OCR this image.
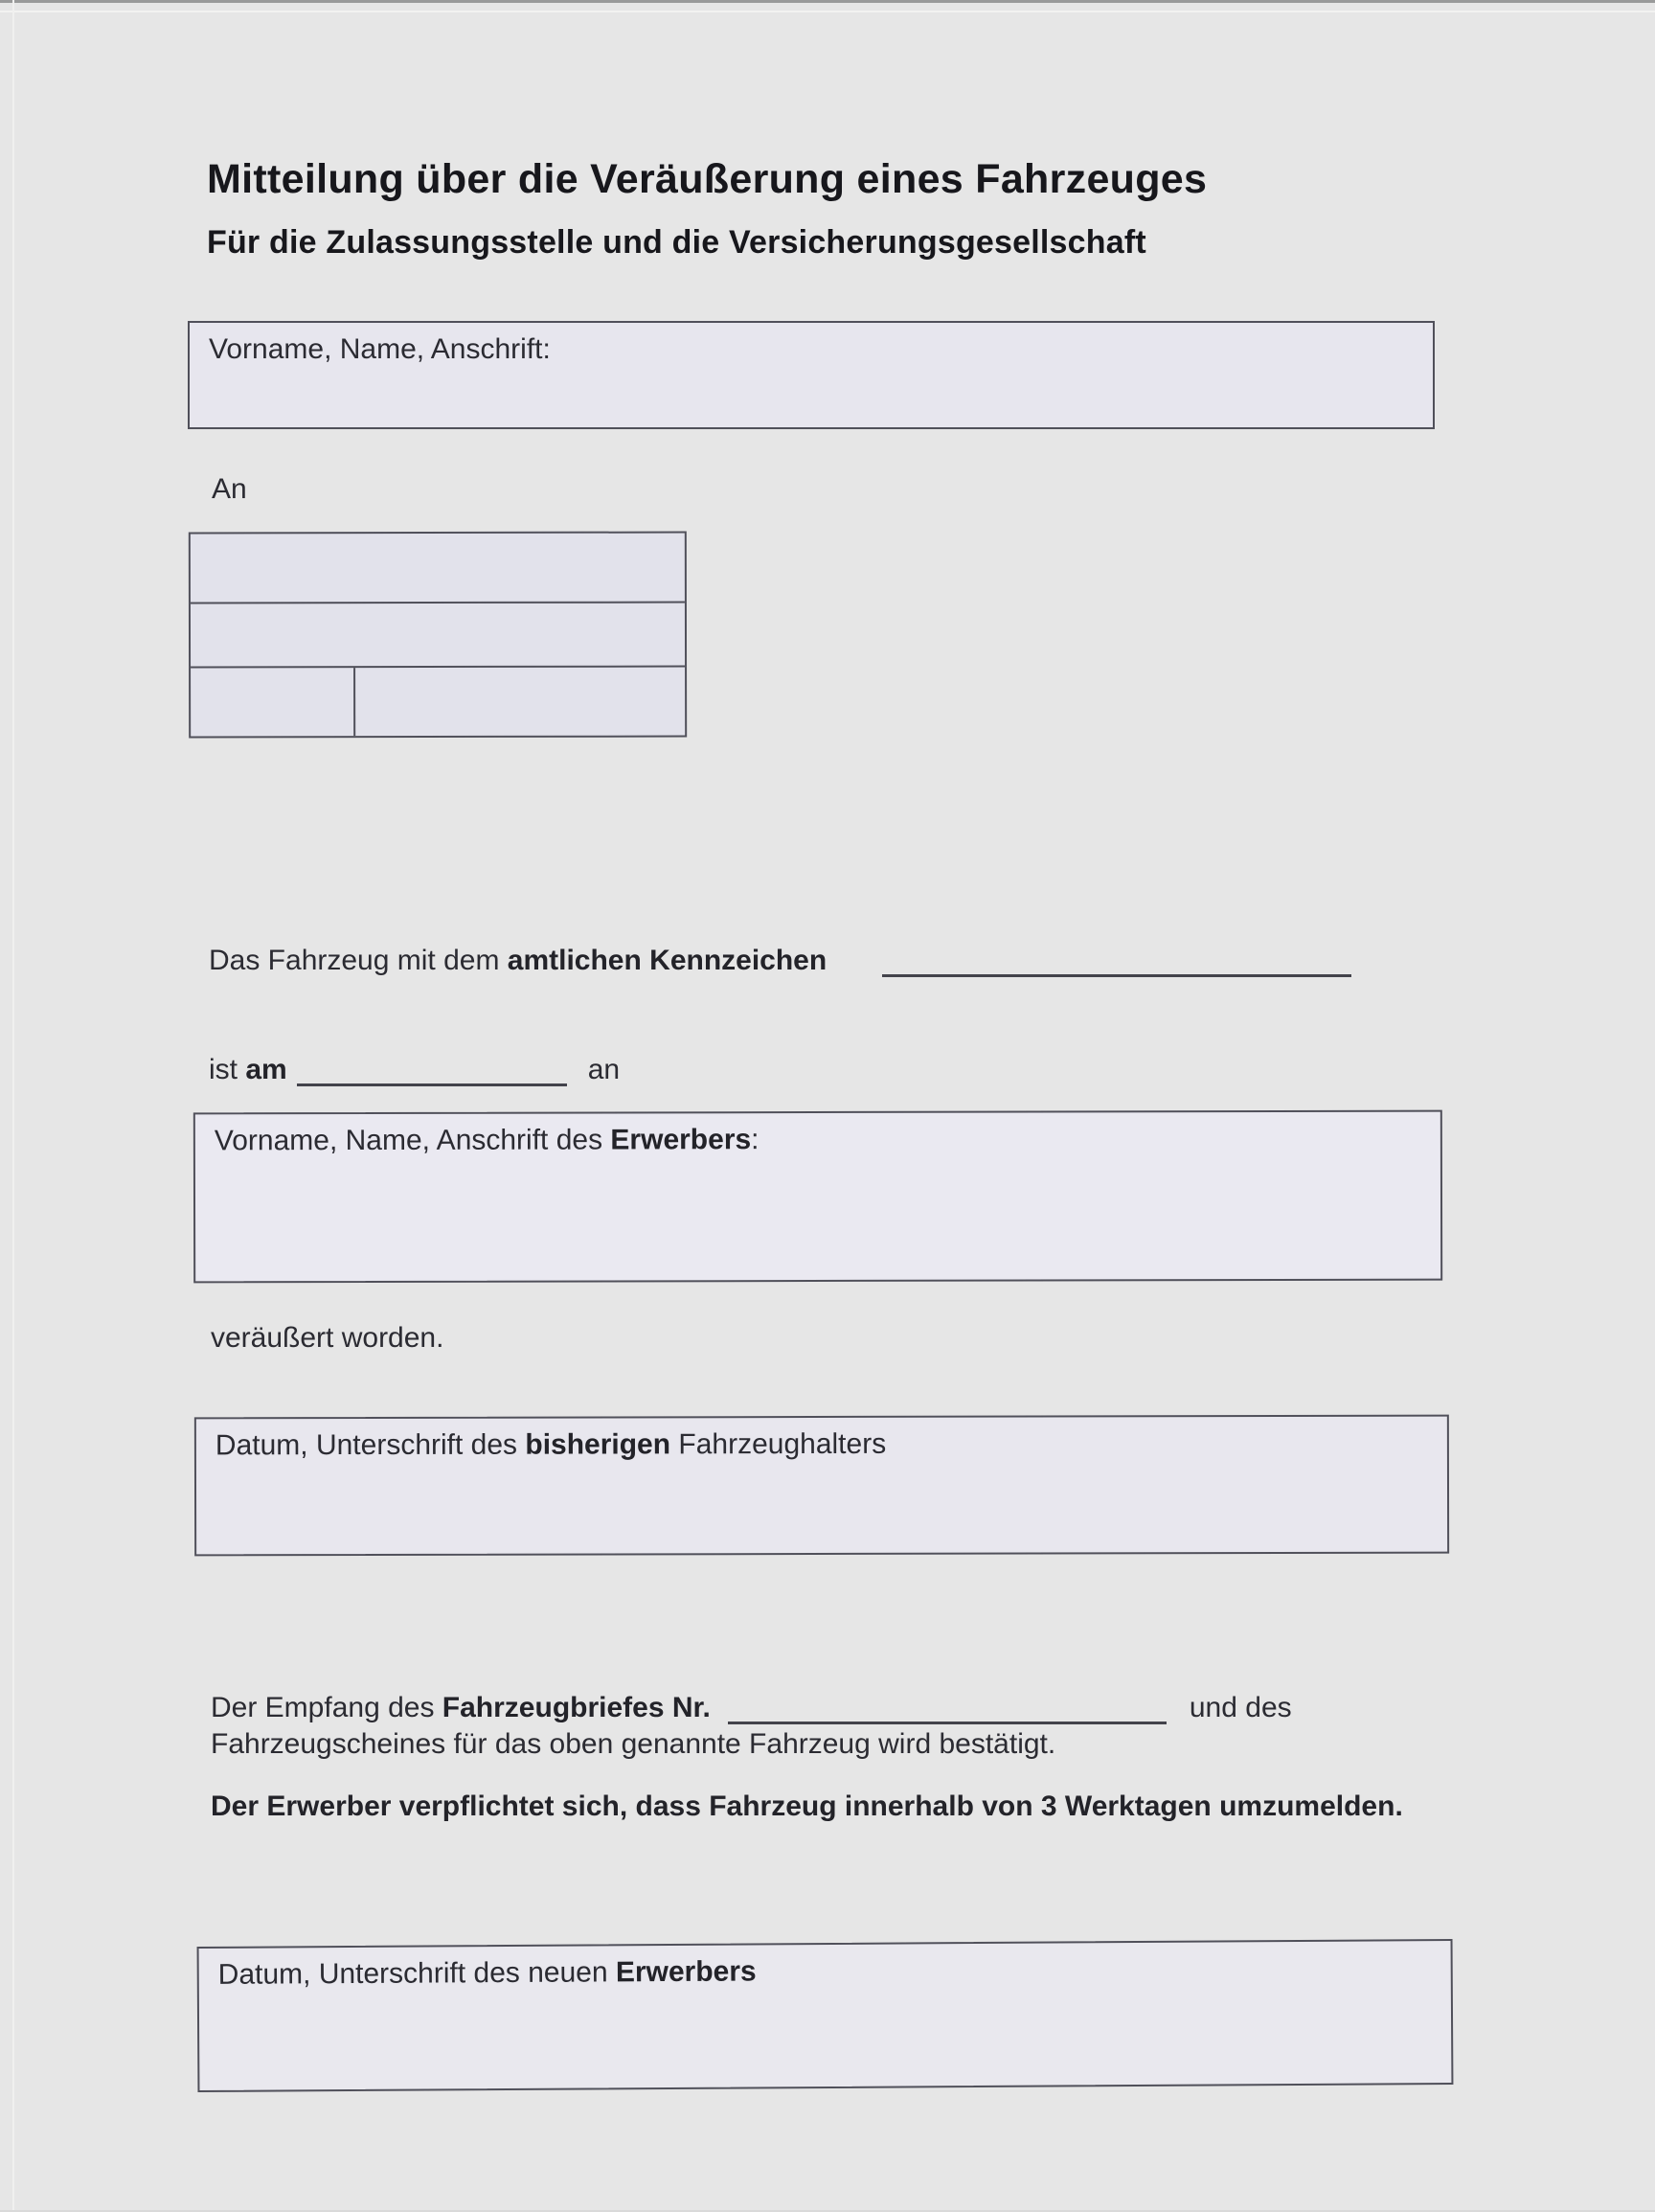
Mitteilung über die Veräußerung eines Fahrzeuges
Für die Zulassungsstelle und die Versicherungsgesellschaft
Vorname, Name, Anschrift:
An
Das Fahrzeug mit dem amtlichen Kennzeichen
ist am	an
Vorname, Name, Anschrift des Erwerbers:
veräußert worden.
Datum, Unterschrift des bisherigen Fahrzeughalters
Der Empfang des Fahrzeugbriefes Nr.	und des
Fahrzeugscheines für das oben genannte Fahrzeug wird bestätigt.
Der Erwerber verpflichtet sich, dass Fahrzeug innerhalb von 3 Werktagen umzumelden.
Datum, Unterschrift des neuen Erwerbers
